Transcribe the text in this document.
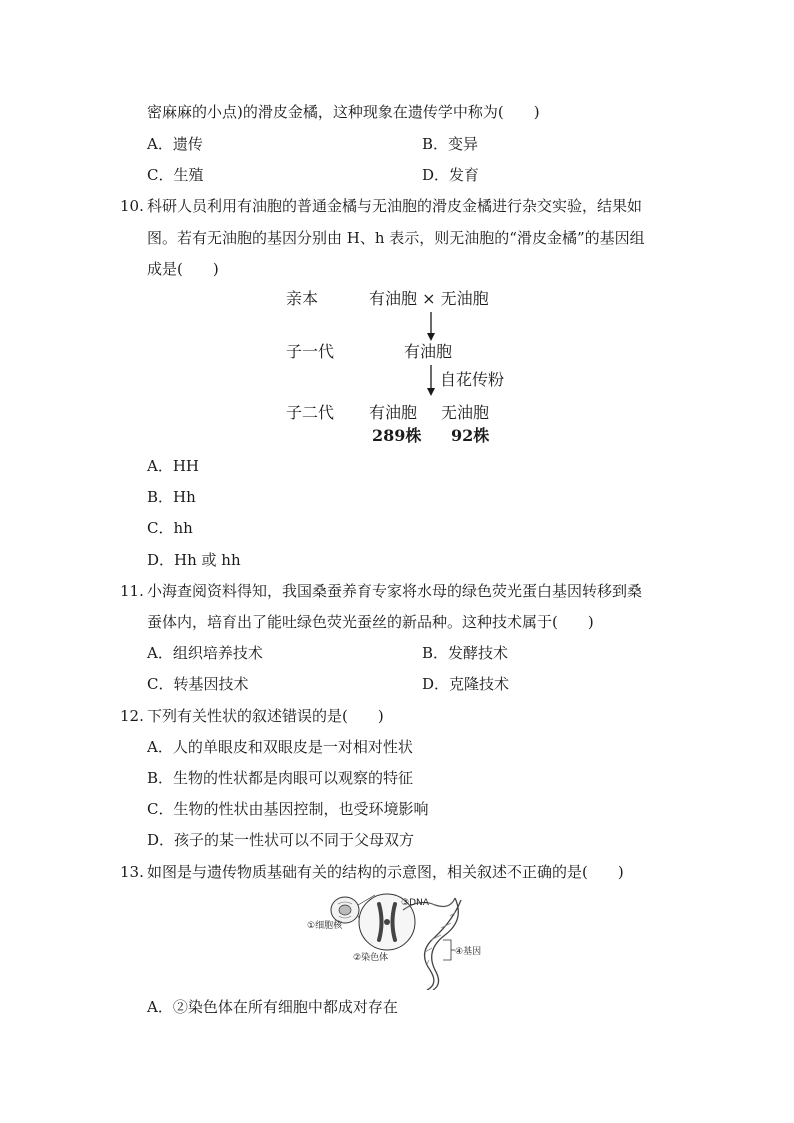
密麻麻的小点)的滑皮金橘，这种现象在遗传学中称为(　　)
A．遗传	B．变异
C．生殖	D．发育
10. 科研人员利用有油胞的普通金橘与无油胞的滑皮金橘进行杂交实验，结果如
图。若有无油胞的基因分别由 H、h 表示，则无油胞的“滑皮金橘”的基因组
成是(　　)
亲本	有油胞 × 无油胞
子一代	有油胞
自花传粉
子二代 有油胞 无油胞
289株 92株
A．HH
B．Hh
C．hh
D．Hh 或 hh
11. 小海查阅资料得知，我国桑蚕养育专家将水母的绿色荧光蛋白基因转移到桑
蚕体内，培育出了能吐绿色荧光蚕丝的新品种。这种技术属于(　　)
A．组织培养技术	B．发酵技术
C．转基因技术	D．克隆技术
12. 下列有关性状的叙述错误的是(　　)
A．人的单眼皮和双眼皮是一对相对性状
B．生物的性状都是肉眼可以观察的特征
C．生物的性状由基因控制，也受环境影响
D．孩子的某一性状可以不同于父母双方
13. 如图是与遗传物质基础有关的结构的示意图，相关叙述不正确的是(　　)
①细胞核
②染色体
③DNA
④基因
A．②染色体在所有细胞中都成对存在
